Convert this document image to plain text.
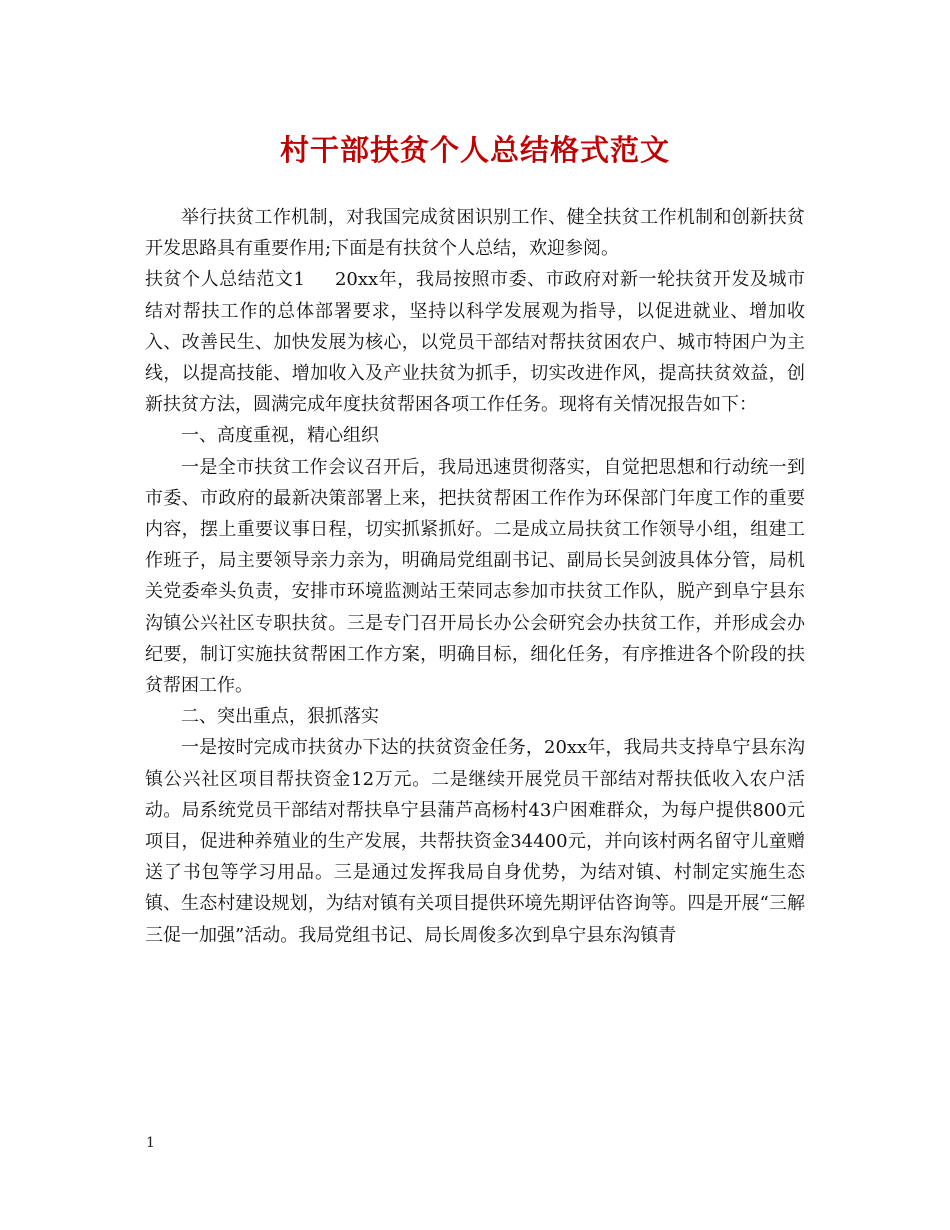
村干部扶贫个人总结格式范文

举行扶贫工作机制，对我国完成贫困识别工作、健全扶贫工作机制和创新扶贫开发思路具有重要作用;下面是有扶贫个人总结，欢迎参阅。

扶贫个人总结范文1 20xx年，我局按照市委、市政府对新一轮扶贫开发及城市结对帮扶工作的总体部署要求，坚持以科学发展观为指导，以促进就业、增加收入、改善民生、加快发展为核心，以党员干部结对帮扶贫困农户、城市特困户为主线，以提高技能、增加收入及产业扶贫为抓手，切实改进作风，提高扶贫效益，创新扶贫方法，圆满完成年度扶贫帮困各项工作任务。现将有关情况报告如下：

一、高度重视，精心组织

一是全市扶贫工作会议召开后，我局迅速贯彻落实，自觉把思想和行动统一到市委、市政府的最新决策部署上来，把扶贫帮困工作作为环保部门年度工作的重要内容，摆上重要议事日程，切实抓紧抓好。二是成立局扶贫工作领导小组，组建工作班子，局主要领导亲力亲为，明确局党组副书记、副局长吴剑波具体分管，局机关党委牵头负责，安排市环境监测站王荣同志参加市扶贫工作队，脱产到阜宁县东沟镇公兴社区专职扶贫。三是专门召开局长办公会研究会办扶贫工作，并形成会办纪要，制订实施扶贫帮困工作方案，明确目标，细化任务，有序推进各个阶段的扶贫帮困工作。

二、突出重点，狠抓落实

一是按时完成市扶贫办下达的扶贫资金任务，20xx年，我局共支持阜宁县东沟镇公兴社区项目帮扶资金12万元。二是继续开展党员干部结对帮扶低收入农户活动。局系统党员干部结对帮扶阜宁县蒲芦高杨村43户困难群众，为每户提供800元项目，促进种养殖业的生产发展，共帮扶资金34400元，并向该村两名留守儿童赠送了书包等学习用品。三是通过发挥我局自身优势，为结对镇、村制定实施生态镇、生态村建设规划，为结对镇有关项目提供环境先期评估咨询等。四是开展“三解三促一加强”活动。我局党组书记、局长周俊多次到阜宁县东沟镇青

1
